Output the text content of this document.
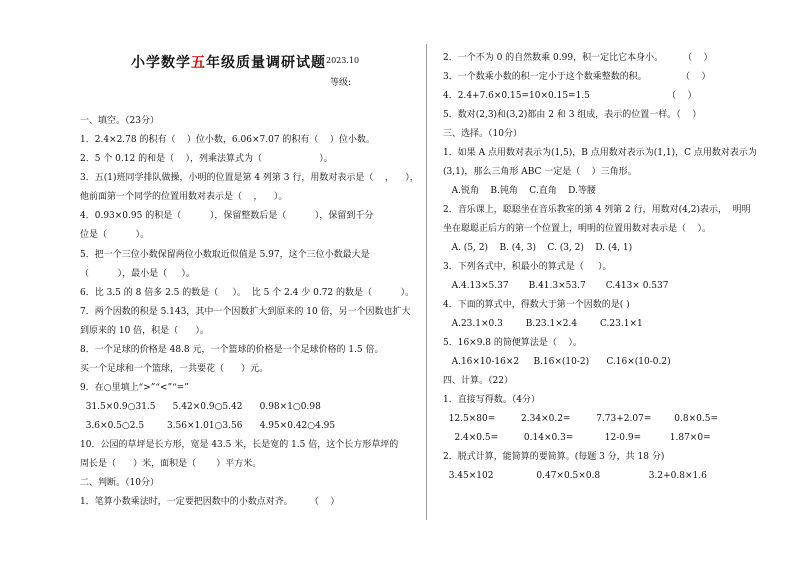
小学数学五年级质量调研试题 2023.10
等级:
一、填空。（23分）
1．2.4×2.78 的积有（    ）位小数，6.06×7.07 的积有（    ）位小数。
2．5 个 0.12 的和是（    ），列乘法算式为（                    ）。
3．五(1)班同学排队做操，小明的位置是第 4 列第 3 行，用数对表示是（    ，    ），
他前面第一个同学的位置用数对表示是（    ，    ）。
4．0.93×0.95 的积是（          ），保留整数后是（          ），保留到千分
位是（          ）。
5．把一个三位小数保留两位小数取近似值是 5.97，这个三位小数最大是
（          ），最小是（     ）。
6．比 3.5 的 8 倍多 2.5 的数是（     ）。  比 5 个 2.4 少 0.72 的数是（          ）。
7．两个因数的积是 5.143，其中一个因数扩大到原来的 10 倍，另一个因数也扩大
到原来的 10 倍，积是（      ）。
8．一个足球的价格是 48.8 元，一个篮球的价格是一个足球价格的 1.5 倍。
买一个足球和一个篮球，一共要花（      ）元。
9．在○里填上“>”“<”“=”
31.5×0.9○31.5      5.42×0.9○5.42      0.98×1○0.98
3.6×0.5○2.5        3.56×1.01○3.56      4.95×0.42○4.95
10．公园的草坪是长方形，宽是 43.5 米，长是宽的 1.5 倍，这个长方形草坪的
周长是（      ）米，面积是（       ）平方米。
二、判断。（10分）
1．笔算小数乘法时，一定要把因数中的小数点对齐。      （    ）
2．一个不为 0 的自然数乘 0.99，积一定比它本身小。       （    ）
3．一个数乘小数的积一定小于这个数乘整数的积。            （    ）
4．2.4+7.6×0.15=10×0.15=1.5                           （    ）
5．数对(2,3)和(3,2)都由 2 和 3 组成，表示的位置一样。（    ）
三、选择。（10分）
1．如果 A 点用数对表示为(1,5)，B 点用数对表示为(1,1)，C 点用数对表示为
(3,1)，那么三角形 ABC 一定是（    ）三角形。
A.锐角    B.钝角    C.直角    D.等腰
2．音乐课上，聪聪坐在音乐教室的第 4 列第 2 行，用数对(4,2)表示，  明明
坐在聪聪正后方的第一个位置上，明明的位置用数对表示是（    ）。
A. (5, 2)    B. (4, 3)    C. (3, 2)    D. (4, 1)
3．下列各式中，积最小的算式是（     ）。
A.4.13×5.37       B.41.3×53.7       C.413× 0.537
4．下面的算式中，得数大于第一个因数的是( )
A.23.1×0.3        B.23.1×2.4        C.23.1×1
5．16×9.8 的简便算法是（    ）。
A.16×10-16×2     B.16×(10-2)      C.16×(10-0.2)
四、计算。（22）
1．直接写得数。（4分）
12.5×80=         2.34×0.2=         7.73+2.07=        0.8×0.5=
2.4×0.5=         0.14×0.3=           12-0.9=          1.87×0=
2．脱式计算，能简算的要简算。(每题 3 分，共 18 分)
3.45×102               0.47×0.5×0.8                 3.2+0.8×1.6
